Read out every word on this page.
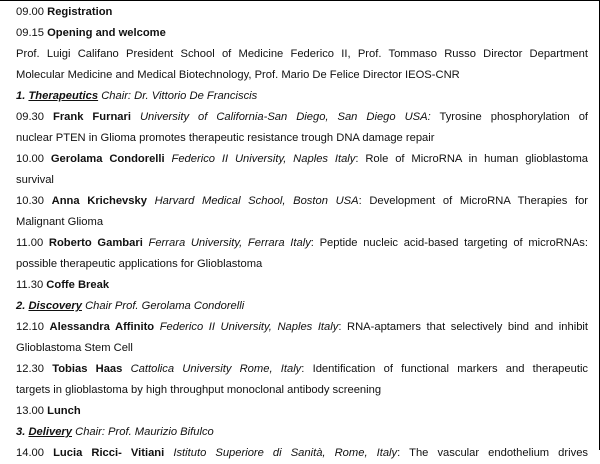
09.00 Registration
09.15 Opening and welcome
Prof. Luigi Califano President School of Medicine Federico II, Prof. Tommaso Russo Director Department
Molecular Medicine and Medical Biotechnology, Prof. Mario De Felice Director IEOS-CNR
1. Therapeutics Chair: Dr. Vittorio De Franciscis
09.30 Frank Furnari University of California-San Diego, San Diego USA: Tyrosine phosphorylation of
nuclear PTEN in Glioma promotes therapeutic resistance trough DNA damage repair
10.00 Gerolama Condorelli Federico II University, Naples Italy: Role of MicroRNA in human glioblastoma
survival
10.30 Anna Krichevsky Harvard Medical School, Boston USA: Development of MicroRNA Therapies for
Malignant Glioma
11.00 Roberto Gambari Ferrara University, Ferrara Italy: Peptide nucleic acid-based targeting of microRNAs:
possible therapeutic applications for Glioblastoma
11.30 Coffe Break
2. Discovery Chair Prof. Gerolama Condorelli
12.10 Alessandra Affinito Federico II University, Naples Italy: RNA-aptamers that selectively bind and inhibit
Glioblastoma Stem Cell
12.30 Tobias Haas Cattolica University Rome, Italy: Identification of functional markers and therapeutic
targets in glioblastoma by high throughput monoclonal antibody screening
13.00 Lunch
3. Delivery Chair: Prof. Maurizio Bifulco
14.00 Lucia Ricci- Vitiani Istituto Superiore di Sanità, Rome, Italy: The vascular endothelium drives
